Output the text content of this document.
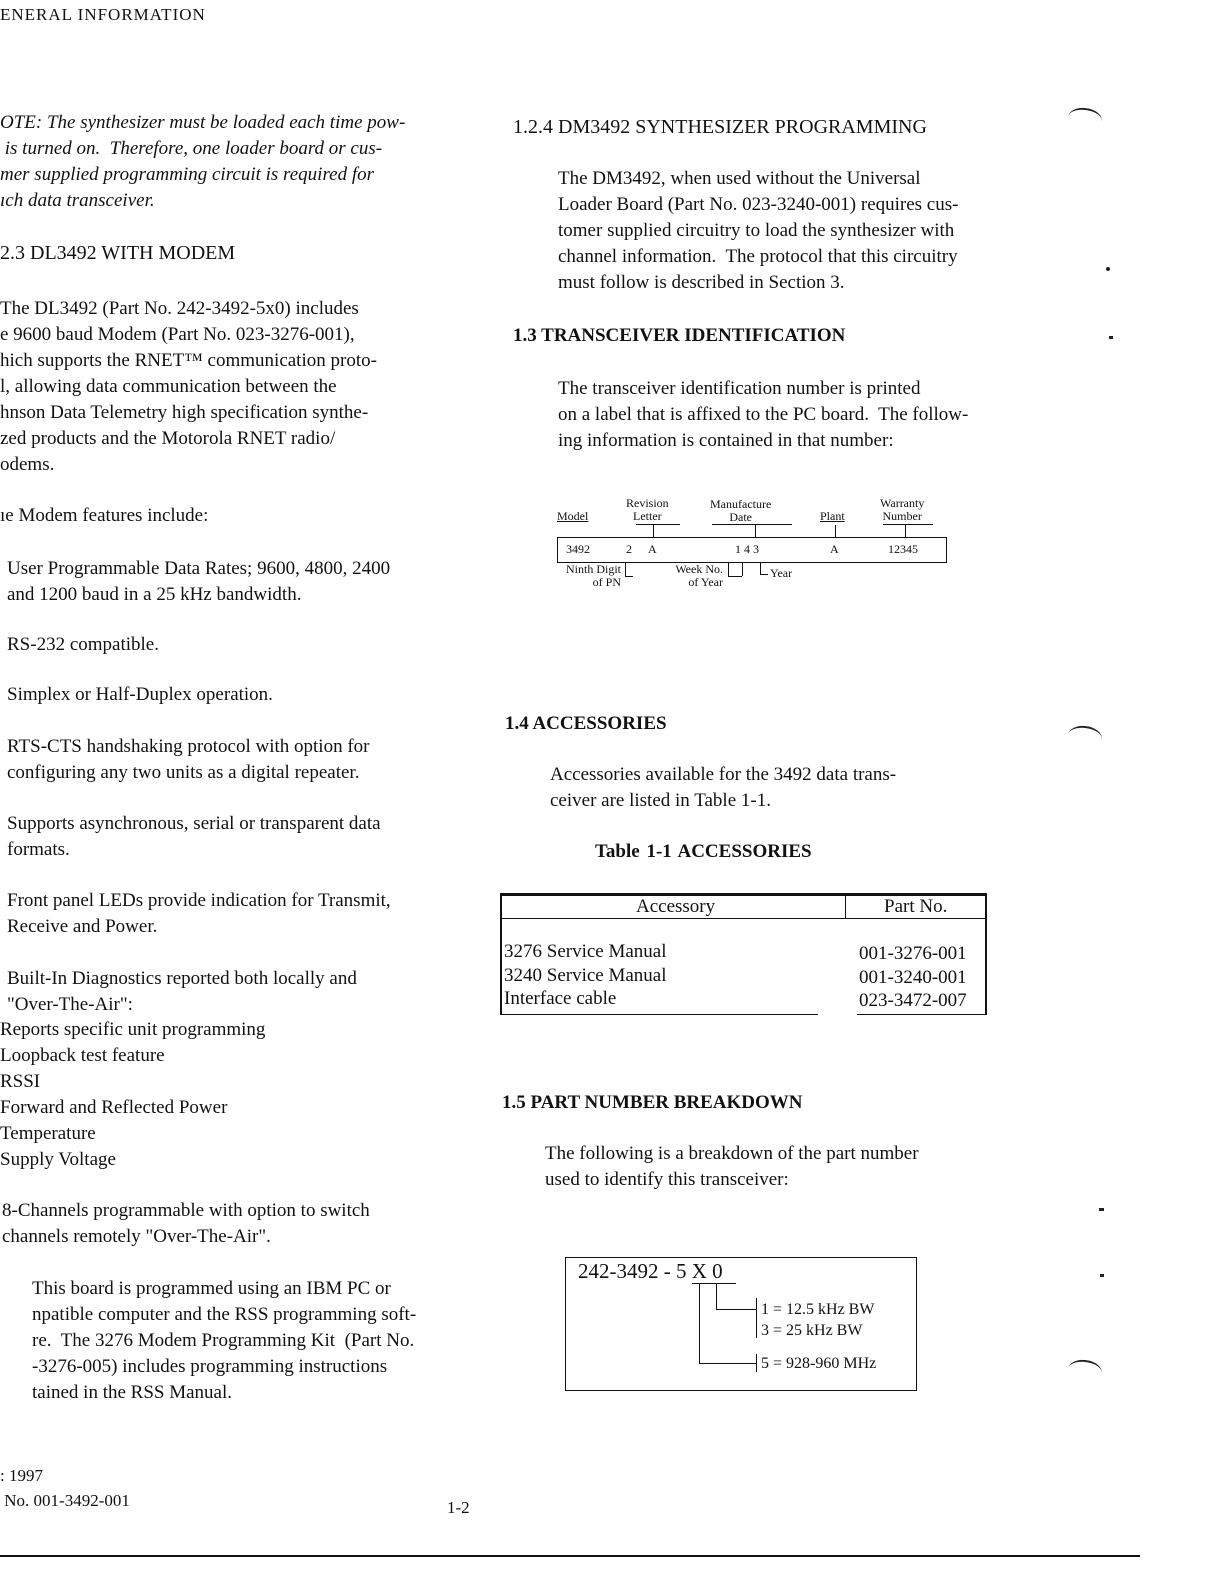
ENERAL INFORMATION
OTE: The synthesizer must be loaded each time pow-
is turned on.  Therefore, one loader board or cus-
mer supplied programming circuit is required for
ıch data transceiver.
2.3 DL3492 WITH MODEM
The DL3492 (Part No. 242-3492-5x0) includes
e 9600 baud Modem (Part No. 023-3276-001),
hich supports the RNET™ communication proto-
l, allowing data communication between the
hnson Data Telemetry high specification synthe-
zed products and the Motorola RNET radio/
odems.
ıe Modem features include:
User Programmable Data Rates; 9600, 4800, 2400
and 1200 baud in a 25 kHz bandwidth.
RS-232 compatible.
Simplex or Half-Duplex operation.
RTS-CTS handshaking protocol with option for
configuring any two units as a digital repeater.
Supports asynchronous, serial or transparent data
formats.
Front panel LEDs provide indication for Transmit,
Receive and Power.
Built-In Diagnostics reported both locally and
"Over-The-Air":
Reports specific unit programming
Loopback test feature
RSSI
Forward and Reflected Power
Temperature
Supply Voltage
8-Channels programmable with option to switch
channels remotely "Over-The-Air".
This board is programmed using an IBM PC or
npatible computer and the RSS programming soft-
re.  The 3276 Modem Programming Kit  (Part No.
-3276-005) includes programming instructions
tained in the RSS Manual.
1.2.4 DM3492 SYNTHESIZER PROGRAMMING
The DM3492, when used without the Universal
Loader Board (Part No. 023-3240-001) requires cus-
tomer supplied circuitry to load the synthesizer with
channel information.  The protocol that this circuitry
must follow is described in Section 3.
1.3 TRANSCEIVER IDENTIFICATION
The transceiver identification number is printed
on a label that is affixed to the PC board.  The follow-
ing information is contained in that number:
Model
Revision
Letter
Manufacture
Date	Plant
Warranty
Number
3492	2 A	1 4 3	A	12345
Ninth Digit
of PN
Week No.
of Year
Year
1.4 ACCESSORIES
Accessories available for the 3492 data trans-
ceiver are listed in Table 1-1.
Table 1-1 ACCESSORIES
Accessory	Part No.
3276 Service Manual	001-3276-001
3240 Service Manual	001-3240-001
Interface cable	023-3472-007
1.5 PART NUMBER BREAKDOWN
The following is a breakdown of the part number
used to identify this transceiver:
242-3492 - 5 X 0
1 = 12.5 kHz BW
3 = 25 kHz BW
5 = 928-960 MHz
: 1997
No. 001-3492-001	1-2
